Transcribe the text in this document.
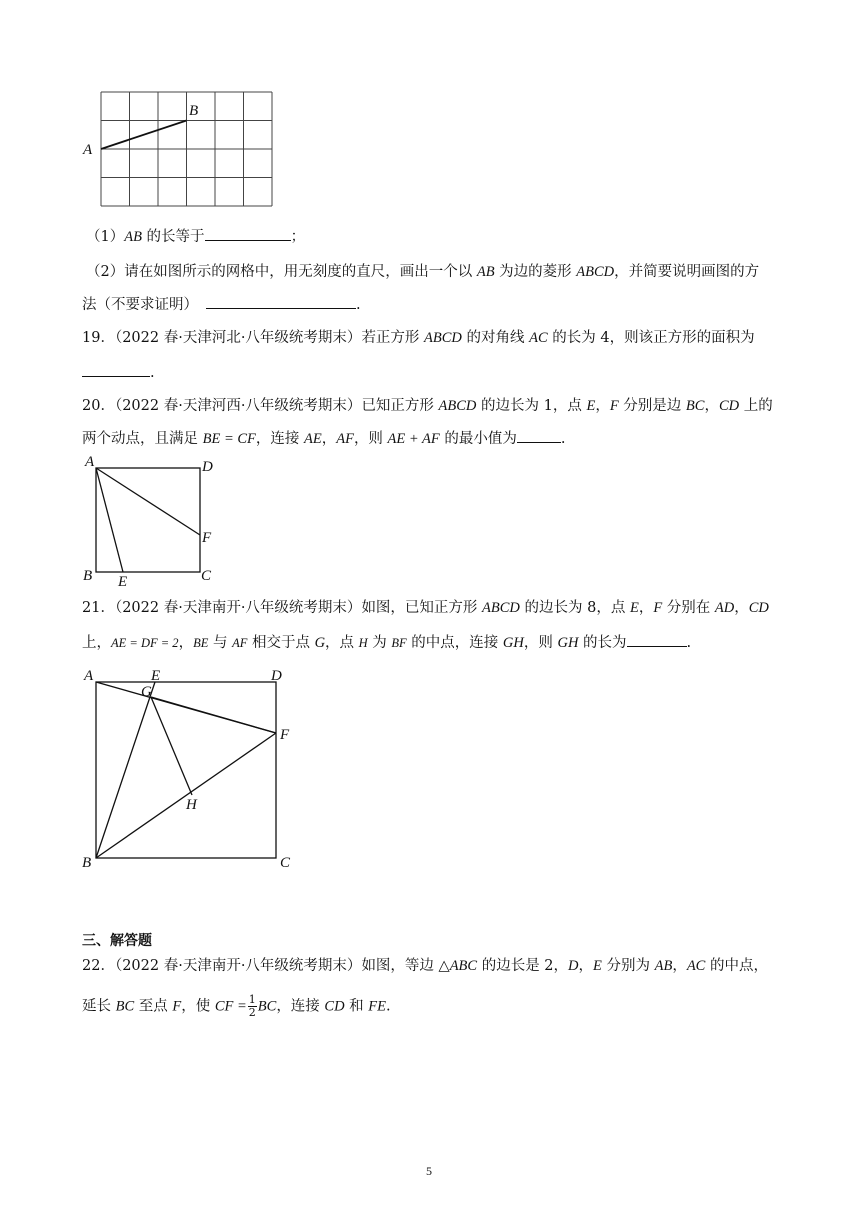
A
B
（1）AB 的长等于	；
（2）请在如图所示的网格中，用无刻度的直尺，画出一个以 AB 为边的菱形 ABCD，并简要说明画图的方
法（不要求证明）	.
19．（2022 春·天津河北·八年级统考期末）若正方形 ABCD 的对角线 AC 的长为 4，则该正方形的面积为
.
20．（2022 春·天津河西·八年级统考期末）已知正方形 ABCD 的边长为 1，点 E，F 分别是边 BC，CD 上的
两个动点，且满足 BE = CF，连接 AE，AF，则 AE + AF 的最小值为	.
A	D
F
B	C
E
21．（2022 春·天津南开·八年级统考期末）如图，已知正方形 ABCD 的边长为 8，点 E，F 分别在 AD，CD
上，AE = DF = 2，BE 与 AF 相交于点 G，点 H 为 BF 的中点，连接 GH，则 GH 的长为	.
A	E	D
G
F
H
B	C
三、解答题
22．（2022 春·天津南开·八年级统考期末）如图，等边 △ABC 的边长是 2，D，E 分别为 AB，AC 的中点，
延长 BC 至点 F，使 CF = $\frac{1}{2}$ BC，连接 CD 和 FE.
5
